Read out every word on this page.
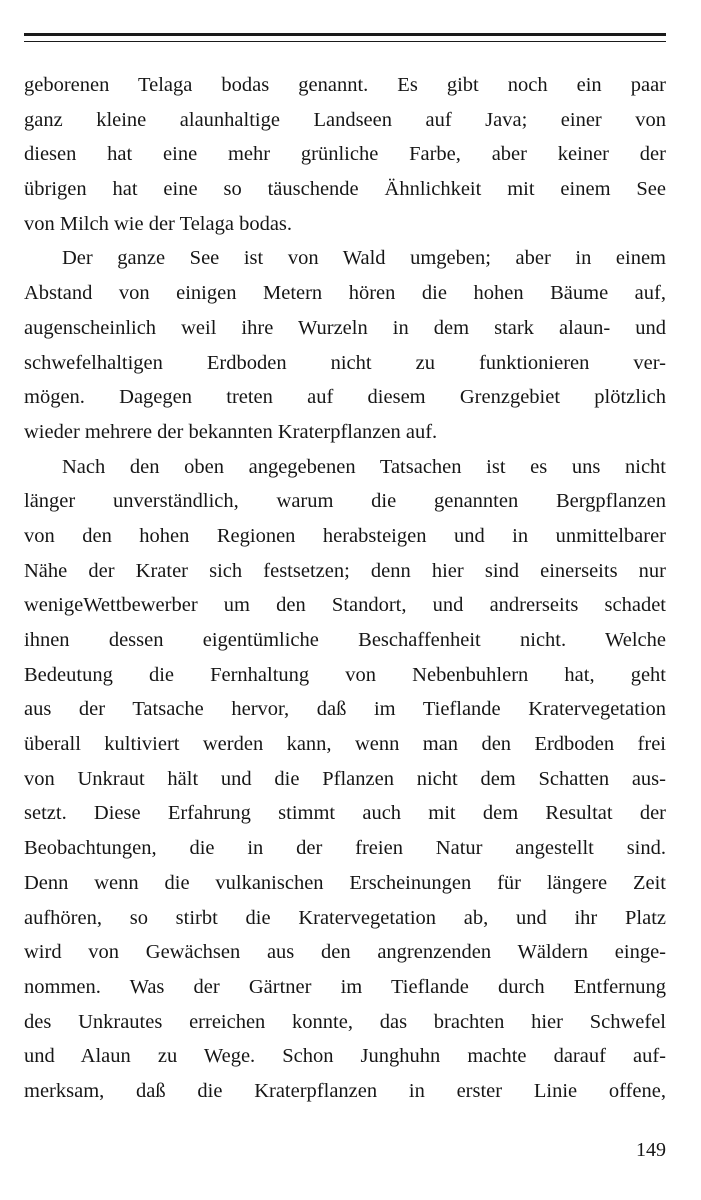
geborenen Telaga bodas genannt. Es gibt noch ein paar
ganz kleine alaunhaltige Landseen auf Java; einer von
diesen hat eine mehr grünliche Farbe, aber keiner der
übrigen hat eine so täuschende Ähnlichkeit mit einem See
von Milch wie der Telaga bodas.
Der ganze See ist von Wald umgeben; aber in einem
Abstand von einigen Metern hören die hohen Bäume auf,
augenscheinlich weil ihre Wurzeln in dem stark alaun- und
schwefelhaltigen Erdboden nicht zu funktionieren ver-
mögen. Dagegen treten auf diesem Grenzgebiet plötzlich
wieder mehrere der bekannten Kraterpflanzen auf.
Nach den oben angegebenen Tatsachen ist es uns nicht
länger unverständlich, warum die genannten Bergpflanzen
von den hohen Regionen herabsteigen und in unmittelbarer
Nähe der Krater sich festsetzen; denn hier sind einerseits nur
wenigeWettbewerber um den Standort, und andrerseits schadet
ihnen dessen eigentümliche Beschaffenheit nicht. Welche
Bedeutung die Fernhaltung von Nebenbuhlern hat, geht
aus der Tatsache hervor, daß im Tieflande Kratervegetation
überall kultiviert werden kann, wenn man den Erdboden frei
von Unkraut hält und die Pflanzen nicht dem Schatten aus-
setzt. Diese Erfahrung stimmt auch mit dem Resultat der
Beobachtungen, die in der freien Natur angestellt sind.
Denn wenn die vulkanischen Erscheinungen für längere Zeit
aufhören, so stirbt die Kratervegetation ab, und ihr Platz
wird von Gewächsen aus den angrenzenden Wäldern einge-
nommen. Was der Gärtner im Tieflande durch Entfernung
des Unkrautes erreichen konnte, das brachten hier Schwefel
und Alaun zu Wege. Schon Junghuhn machte darauf auf-
merksam, daß die Kraterpflanzen in erster Linie offene,
149
